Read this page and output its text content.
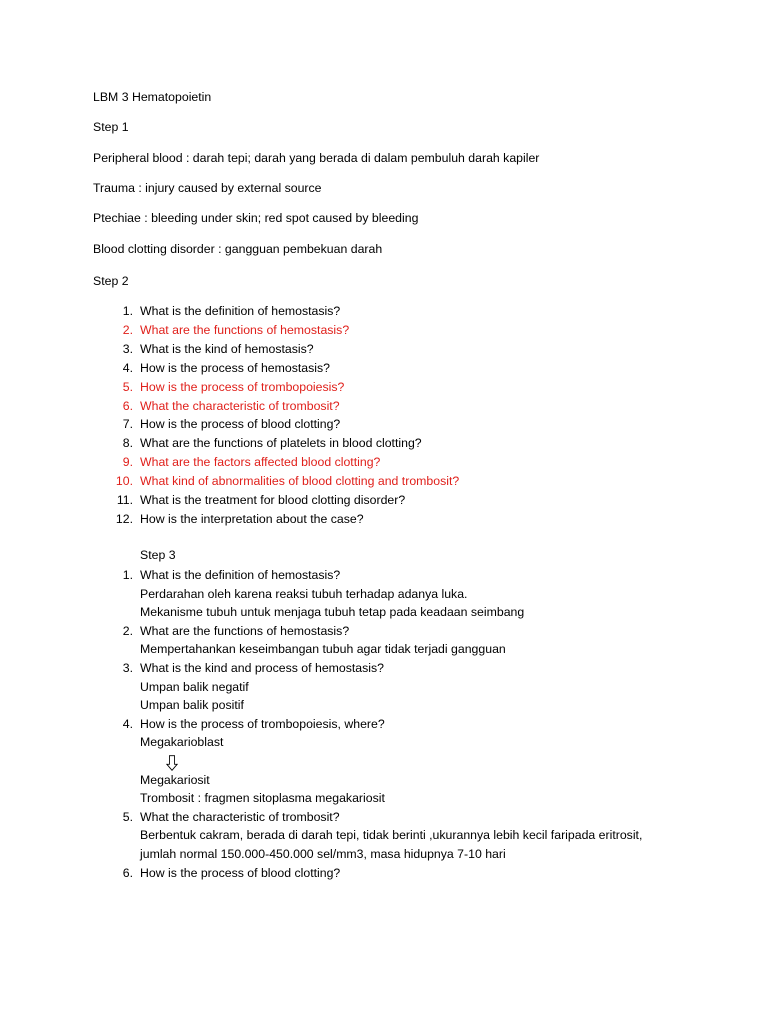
LBM 3 Hematopoietin
Step 1
Peripheral blood : darah tepi; darah yang berada di dalam pembuluh darah kapiler
Trauma : injury caused by external source
Ptechiae : bleeding under skin; red spot caused by bleeding
Blood clotting disorder : gangguan pembekuan darah
Step 2
1. What is the definition of hemostasis?
2. What are the functions of hemostasis?
3. What is the kind of hemostasis?
4. How is the process of hemostasis?
5. How is the process of trombopoiesis?
6. What the characteristic of trombosit?
7. How is the process of blood clotting?
8. What are the functions of platelets in blood clotting?
9. What are the factors affected blood clotting?
10. What kind of abnormalities of blood clotting and trombosit?
11. What is the treatment for blood clotting disorder?
12. How is the interpretation about the case?
Step 3
1. What is the definition of hemostasis?
Perdarahan oleh karena reaksi tubuh terhadap adanya luka.
Mekanisme tubuh untuk menjaga tubuh tetap pada keadaan seimbang
2. What are the functions of hemostasis?
Mempertahankan keseimbangan tubuh agar tidak terjadi gangguan
3. What is the kind and process of hemostasis?
Umpan balik negatif
Umpan balik positif
4. How is the process of trombopoiesis, where?
Megakarioblast
Megakariosit
Trombosit : fragmen sitoplasma megakariosit
5. What the characteristic of trombosit?
Berbentuk cakram, berada di darah tepi, tidak berinti ,ukurannya lebih kecil faripada eritrosit,
jumlah normal 150.000-450.000 sel/mm3, masa hidupnya 7-10 hari
6. How is the process of blood clotting?
